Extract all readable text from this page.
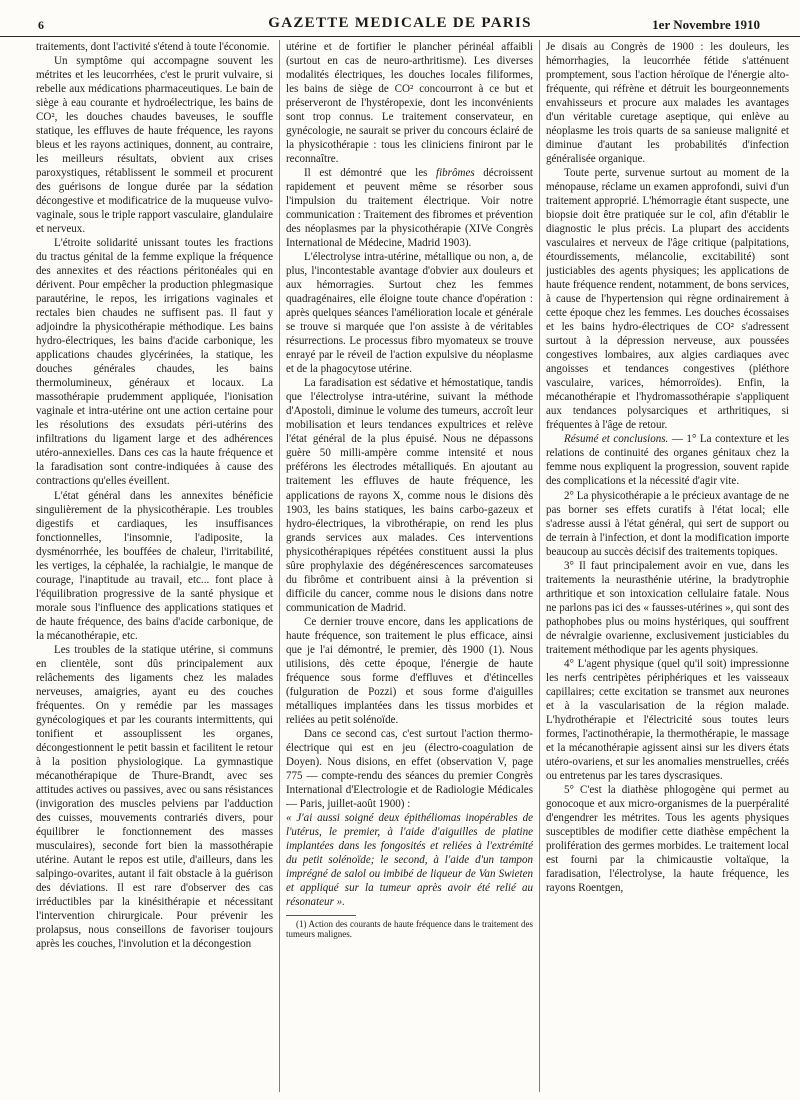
6	GAZETTE MEDICALE DE PARIS	1er Novembre 1910

traitements, dont l'activité s'étend à toute l'économie.

Un symptôme qui accompagne souvent les métrites et les leucorrhées, c'est le prurit vulvaire, si rebelle aux médications pharmaceutiques. Le bain de siège à eau courante et hydroélectrique, les bains de CO², les douches chaudes baveuses, le souffle statique, les effluves de haute fréquence, les rayons bleus et les rayons actiniques, donnent, au contraire, les meilleurs résultats, obvient aux crises paroxystiques, rétablissent le sommeil et procurent des guérisons de longue durée par la sédation décongestive et modificatrice de la muqueuse vulvo-vaginale, sous le triple rapport vasculaire, glandulaire et nerveux.

L'étroite solidarité unissant toutes les fractions du tractus génital de la femme explique la fréquence des annexites et des réactions péritonéales qui en dérivent. Pour empêcher la production phlegmasique parautérine, le repos, les irrigations vaginales et rectales bien chaudes ne suffisent pas. Il faut y adjoindre la physicothérapie méthodique. Les bains hydro-électriques, les bains d'acide carbonique, les applications chaudes glycérinées, la statique, les douches générales chaudes, les bains thermolumineux, généraux et locaux. La massothérapie prudemment appliquée, l'ionisation vaginale et intra-utérine ont une action certaine pour les résolutions des exsudats péri-utérins des infiltrations du ligament large et des adhérences utéro-annexielles. Dans ces cas la haute fréquence et la faradisation sont contre-indiquées à cause des contractions qu'elles éveillent.

L'état général dans les annexites bénéficie singulièrement de la physicothérapie. Les troubles digestifs et cardiaques, les insuffisances fonctionnelles, l'insomnie, l'adiposite, la dysménorrhée, les bouffées de chaleur, l'irritabilité, les vertiges, la céphalée, la rachialgie, le manque de courage, l'inaptitude au travail, etc... font place à l'équilibration progressive de la santé physique et morale sous l'influence des applications statiques et de haute fréquence, des bains d'acide carbonique, de la mécanothérapie, etc.

Les troubles de la statique utérine, si communs en clientèle, sont dûs principalement aux relâchements des ligaments chez les malades nerveuses, amaigries, ayant eu des couches fréquentes. On y remédie par les massages gynécologiques et par les courants intermittents, qui tonifient et assouplissent les organes, décongestionnent le petit bassin et facilitent le retour à la position physiologique. La gymnastique mécanothérapique de Thure-Brandt, avec ses attitudes actives ou passives, avec ou sans résistances (invigoration des muscles pelviens par l'adduction des cuisses, mouvements contrariés divers, pour équilibrer le fonctionnement des masses musculaires), seconde fort bien la massothérapie utérine. Autant le repos est utile, d'ailleurs, dans les salpingo-ovarites, autant il fait obstacle à la guérison des déviations. Il est rare d'observer des cas irréductibles par la kinésithérapie et nécessitant l'intervention chirurgicale. Pour prévenir les prolapsus, nous conseillons de favoriser toujours après les couches, l'involution et la décongestion

utérine et de fortifier le plancher périnéal affaibli (surtout en cas de neuro-arthritisme). Les diverses modalités électriques, les douches locales filiformes, les bains de siège de CO² concourront à ce but et préserveront de l'hystéropexie, dont les inconvénients sont trop connus. Le traitement conservateur, en gynécologie, ne saurait se priver du concours éclairé de la physicothérapie : tous les cliniciens finiront par le reconnaître.

Il est démontré que les fibrômes décroissent rapidement et peuvent même se résorber sous l'impulsion du traitement électrique. Voir notre communication : Traitement des fibromes et prévention des néoplasmes par la physicothérapie (XIVe Congrès International de Médecine, Madrid 1903).

L'électrolyse intra-utérine, métallique ou non, a, de plus, l'incontestable avantage d'obvier aux douleurs et aux hémorragies. Surtout chez les femmes quadragénaires, elle éloigne toute chance d'opération : après quelques séances l'amélioration locale et générale se trouve si marquée que l'on assiste à de véritables résurrections. Le processus fibro myomateux se trouve enrayé par le réveil de l'action expulsive du néoplasme et de la phagocytose utérine.

La faradisation est sédative et hémostatique, tandis que l'électrolyse intra-utérine, suivant la méthode d'Apostoli, diminue le volume des tumeurs, accroît leur mobilisation et leurs tendances expultrices et relève l'état général de la plus épuisé. Nous ne dépassons guère 50 milli-ampère comme intensité et nous préférons les électrodes métalliqués. En ajoutant au traitement les effluves de haute fréquence, les applications de rayons X, comme nous le disions dès 1903, les bains statiques, les bains carbo-gazeux et hydro-électriques, la vibrothérapie, on rend les plus grands services aux malades. Ces interventions physicothérapiques répétées constituent aussi la plus sûre prophylaxie des dégénérescences sarcomateuses du fibrôme et contribuent ainsi à la prévention si difficile du cancer, comme nous le disions dans notre communication de Madrid.

Ce dernier trouve encore, dans les applications de haute fréquence, son traitement le plus efficace, ainsi que je l'ai démontré, le premier, dès 1900 (1). Nous utilisions, dès cette époque, l'énergie de haute fréquence sous forme d'effluves et d'étincelles (fulguration de Pozzi) et sous forme d'aiguilles métalliques implantées dans les tissus morbides et reliées au petit solénoïde.

Dans ce second cas, c'est surtout l'action thermo-électrique qui est en jeu (électro-coagulation de Doyen). Nous disions, en effet (observation V, page 775 — compte-rendu des séances du premier Congrès International d'Electrologie et de Radiologie Médicales — Paris, juillet-août 1900) :

« J'ai aussi soigné deux épithéliomas inopérables de l'utérus, le premier, à l'aide d'aiguilles de platine implantées dans les fongosités et reliées à l'extrémité du petit solénoïde; le second, à l'aide d'un tampon imprégné de salol ou imbibé de liqueur de Van Swieten et appliqué sur la tumeur après avoir été relié au résonateur ».

(1) Action des courants de haute fréquence dans le traitement des tumeurs malignes.

Je disais au Congrès de 1900 : les douleurs, les hémorrhagies, la leucorrhée fétide s'atténuent promptement, sous l'action héroïque de l'énergie alto-fréquente, qui réfrène et détruit les bourgeonnements envahisseurs et procure aux malades les avantages d'un véritable curetage aseptique, qui enlève au néoplasme les trois quarts de sa sanieuse malignité et diminue d'autant les probabilités d'infection généralisée organique.

Toute perte, survenue surtout au moment de la ménopause, réclame un examen approfondi, suivi d'un traitement approprié. L'hémorragie étant suspecte, une biopsie doit être pratiquée sur le col, afin d'établir le diagnostic le plus précis. La plupart des accidents vasculaires et nerveux de l'âge critique (palpitations, étourdissements, mélancolie, excitabilité) sont justiciables des agents physiques; les applications de haute fréquence rendent, notamment, de bons services, à cause de l'hypertension qui règne ordinairement à cette époque chez les femmes. Les douches écossaises et les bains hydro-électriques de CO² s'adressent surtout à la dépression nerveuse, aux poussées congestives lombaires, aux algies cardiaques avec angoisses et tendances congestives (pléthore vasculaire, varices, hémorroïdes). Enfin, la mécanothérapie et l'hydromassothérapie s'appliquent aux tendances polysarciques et arthritiques, si fréquentes à l'âge de retour.

Résumé et conclusions. — 1° La contexture et les relations de continuité des organes génitaux chez la femme nous expliquent la progression, souvent rapide des complications et la nécessité d'agir vite.

2° La physicothérapie a le précieux avantage de ne pas borner ses effets curatifs à l'état local; elle s'adresse aussi à l'état général, qui sert de support ou de terrain à l'infection, et dont la modification importe beaucoup au succès décisif des traitements topiques.

3° Il faut principalement avoir en vue, dans les traitements la neurasthénie utérine, la bradytrophie arthritique et son intoxication cellulaire fatale. Nous ne parlons pas ici des « fausses-utérines », qui sont des pathophobes plus ou moins hystériques, qui souffrent de névralgie ovarienne, exclusivement justiciables du traitement méthodique par les agents physiques.

4° L'agent physique (quel qu'il soit) impressionne les nerfs centripètes périphériques et les vaisseaux capillaires; cette excitation se transmet aux neurones et à la vascularisation de la région malade. L'hydrothérapie et l'électricité sous toutes leurs formes, l'actinothérapie, la thermothérapie, le massage et la mécanothérapie agissent ainsi sur les divers états utéro-ovariens, et sur les anomalies menstruelles, créés ou entretenus par les tares dyscrasiques.

5° C'est la diathèse phlogogène qui permet au gonocoque et aux micro-organismes de la puerpéralité d'engendrer les métrites. Tous les agents physiques susceptibles de modifier cette diathèse empêchent la prolifération des germes morbides. Le traitement local est fourni par la chimicaustie voltaïque, la faradisation, l'électrolyse, la haute fréquence, les rayons Roentgen,
